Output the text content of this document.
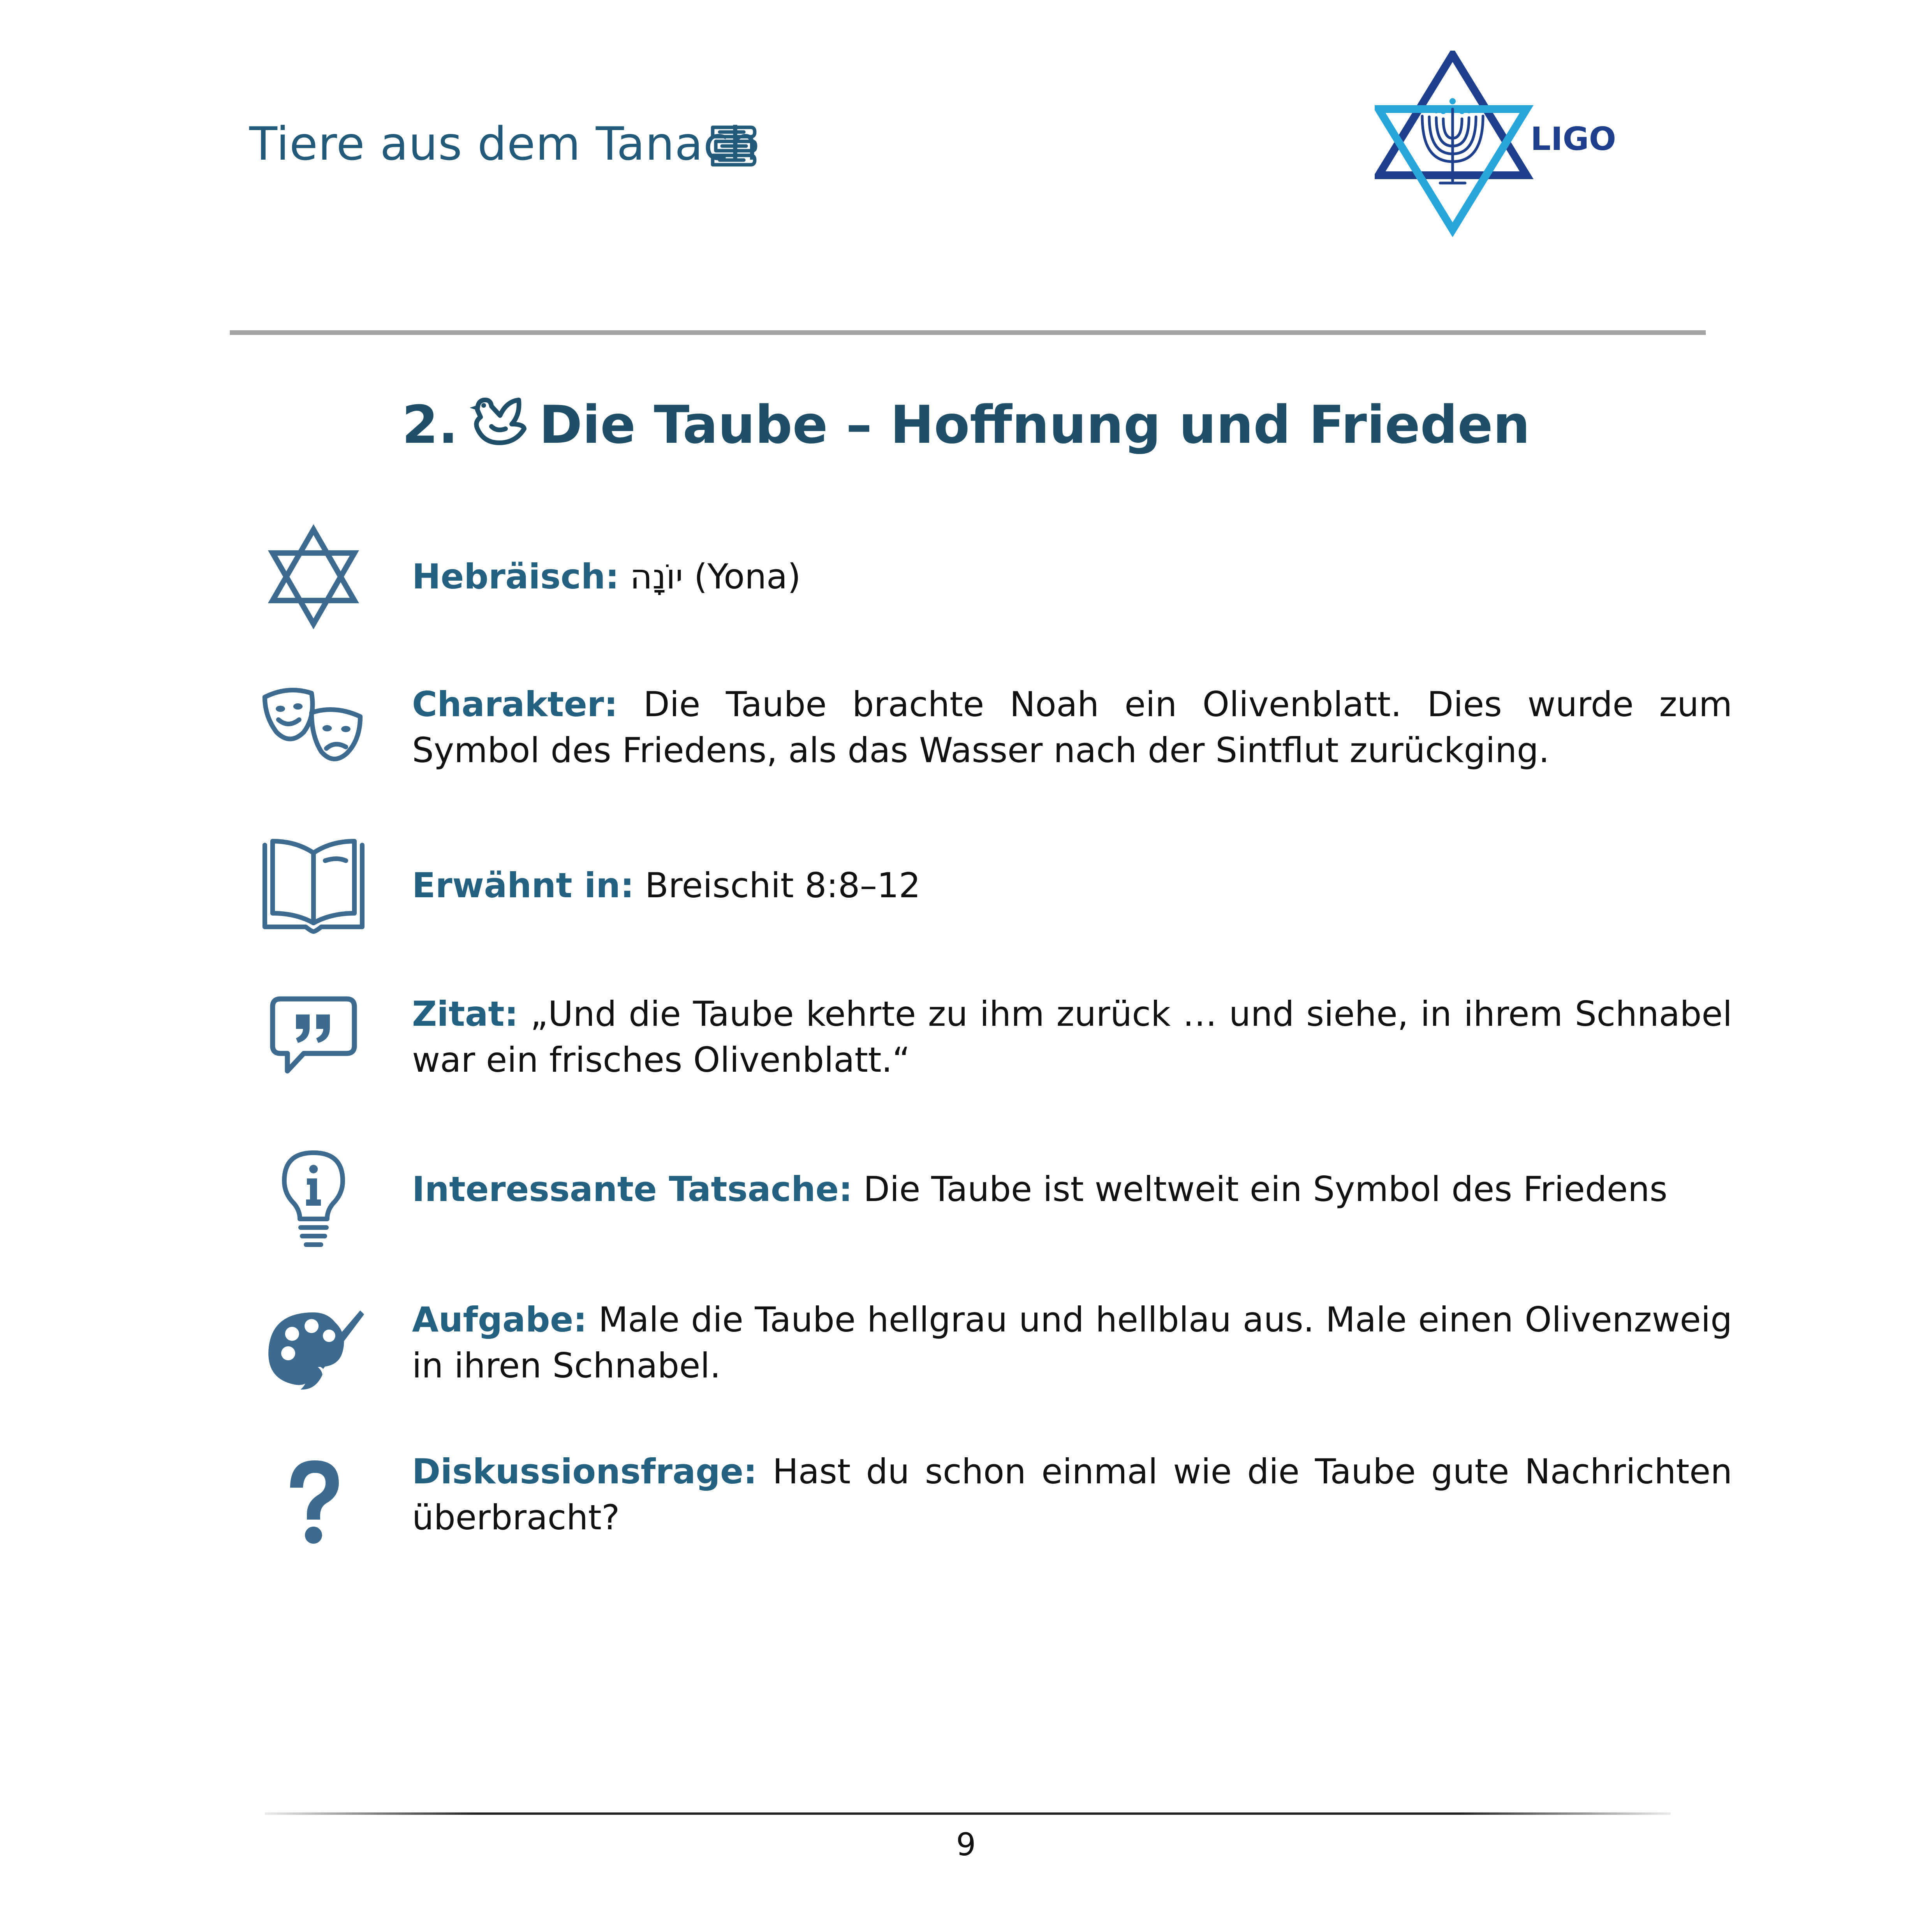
Tiere aus dem Tanach	LIGO
2. Die Taube – Hoffnung und Frieden
Hebräisch: יוֹנָה (Yona)
Charakter: Die Taube brachte Noah ein Olivenblatt. Dies wurde zum Symbol des Friedens, als das Wasser nach der Sintflut zurückging.
Erwähnt in: Breischit 8:8–12
Zitat: „Und die Taube kehrte zu ihm zurück … und siehe, in ihrem Schnabel war ein frisches Olivenblatt.“
Interessante Tatsache: Die Taube ist weltweit ein Symbol des Friedens
Aufgabe: Male die Taube hellgrau und hellblau aus. Male einen Olivenzweig in ihren Schnabel.
Diskussionsfrage: Hast du schon einmal wie die Taube gute Nachrichten überbracht?
9
